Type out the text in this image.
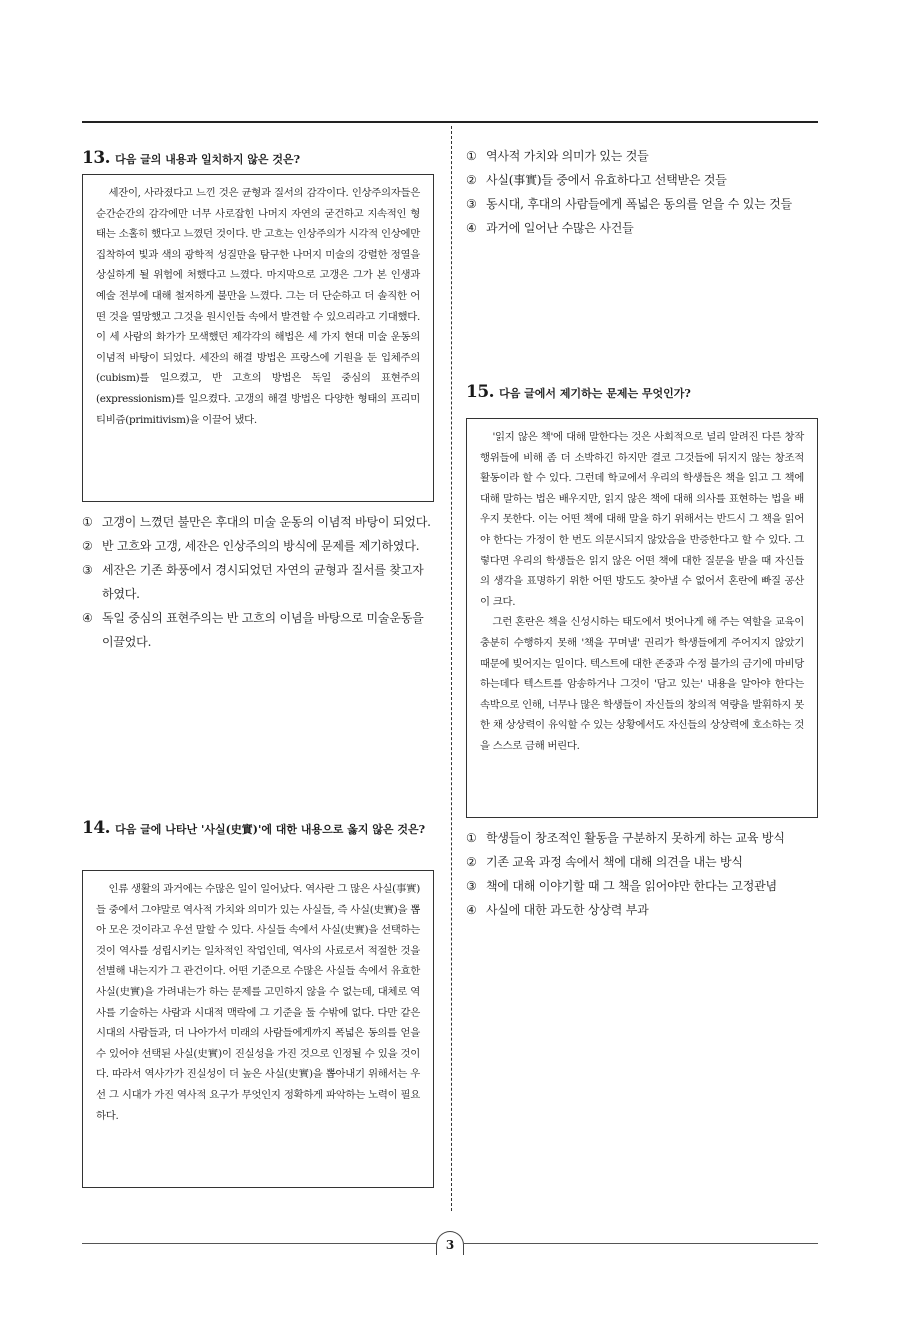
13. 다음 글의 내용과 일치하지 않은 것은?

세잔이, 사라졌다고 느낀 것은 균형과 질서의 감각이다. 인상주의자들은 순간순간의 감각에만 너무 사로잡힌 나머지 자연의 굳건하고 지속적인 형태는 소홀히 했다고 느꼈던 것이다. 반 고흐는 인상주의가 시각적 인상에만 집착하여 빛과 색의 광학적 성질만을 탐구한 나머지 미술의 강렬한 정열을 상실하게 될 위험에 처했다고 느꼈다. 마지막으로 고갱은 그가 본 인생과 예술 전부에 대해 철저하게 불만을 느꼈다. 그는 더 단순하고 더 솔직한 어떤 것을 열망했고 그것을 원시인들 속에서 발견할 수 있으리라고 기대했다. 이 세 사람의 화가가 모색했던 제각각의 해법은 세 가지 현대 미술 운동의 이념적 바탕이 되었다. 세잔의 해결 방법은 프랑스에 기원을 둔 입체주의(cubism)를 일으켰고, 반 고흐의 방법은 독일 중심의 표현주의(expressionism)를 일으켰다. 고갱의 해결 방법은 다양한 형태의 프리미티비즘(primitivism)을 이끌어 냈다.

① 고갱이 느꼈던 불만은 후대의 미술 운동의 이념적 바탕이 되었다.
② 반 고흐와 고갱, 세잔은 인상주의의 방식에 문제를 제기하였다.
③ 세잔은 기존 화풍에서 경시되었던 자연의 균형과 질서를 찾고자 하였다.
④ 독일 중심의 표현주의는 반 고흐의 이념을 바탕으로 미술운동을 이끌었다.
14. 다음 글에 나타난 '사실(史實)'에 대한 내용으로 옳지 않은 것은?

인류 생활의 과거에는 수많은 일이 일어났다. 역사란 그 많은 사실(事實)들 중에서 그야말로 역사적 가치와 의미가 있는 사실들, 즉 사실(史實)을 뽑아 모은 것이라고 우선 말할 수 있다. 사실들 속에서 사실(史實)을 선택하는 것이 역사를 성립시키는 일차적인 작업인데, 역사의 사료로서 적절한 것을 선별해 내는지가 그 관건이다. 어떤 기준으로 수많은 사실들 속에서 유효한 사실(史實)을 가려내는가 하는 문제를 고민하지 않을 수 없는데, 대체로 역사를 기술하는 사람과 시대적 맥락에 그 기준을 둘 수밖에 없다. 다만 같은 시대의 사람들과, 더 나아가서 미래의 사람들에게까지 폭넓은 동의를 얻을 수 있어야 선택된 사실(史實)이 진실성을 가진 것으로 인정될 수 있을 것이다. 따라서 역사가가 진실성이 더 높은 사실(史實)을 뽑아내기 위해서는 우선 그 시대가 가진 역사적 요구가 무엇인지 정확하게 파악하는 노력이 필요하다.

① 역사적 가치와 의미가 있는 것들
② 사실(事實)들 중에서 유효하다고 선택받은 것들
③ 동시대, 후대의 사람들에게 폭넓은 동의를 얻을 수 있는 것들
④ 과거에 일어난 수많은 사건들
15. 다음 글에서 제기하는 문제는 무엇인가?

'읽지 않은 책'에 대해 말한다는 것은 사회적으로 널리 알려진 다른 창작 행위들에 비해 좀 더 소박하긴 하지만 결코 그것들에 뒤지지 않는 창조적 활동이라 할 수 있다. 그런데 학교에서 우리의 학생들은 책을 읽고 그 책에 대해 말하는 법은 배우지만, 읽지 않은 책에 대해 의사를 표현하는 법을 배우지 못한다. 이는 어떤 책에 대해 말을 하기 위해서는 반드시 그 책을 읽어야 한다는 가정이 한 번도 의문시되지 않았음을 반증한다고 할 수 있다. 그렇다면 우리의 학생들은 읽지 않은 어떤 책에 대한 질문을 받을 때 자신들의 생각을 표명하기 위한 어떤 방도도 찾아낼 수 없어서 혼란에 빠질 공산이 크다.

그런 혼란은 책을 신성시하는 태도에서 벗어나게 해 주는 역할을 교육이 충분히 수행하지 못해 '책을 꾸며낼' 권리가 학생들에게 주어지지 않았기 때문에 빚어지는 일이다. 텍스트에 대한 존중과 수정 불가의 금기에 마비당하는데다 텍스트를 암송하거나 그것이 '담고 있는' 내용을 알아야 한다는 속박으로 인해, 너무나 많은 학생들이 자신들의 창의적 역량을 발휘하지 못한 채 상상력이 유익할 수 있는 상황에서도 자신들의 상상력에 호소하는 것을 스스로 금해 버린다.

① 학생들이 창조적인 활동을 구분하지 못하게 하는 교육 방식
② 기존 교육 과정 속에서 책에 대해 의견을 내는 방식
③ 책에 대해 이야기할 때 그 책을 읽어야만 한다는 고정관념
④ 사실에 대한 과도한 상상력 부과
3
